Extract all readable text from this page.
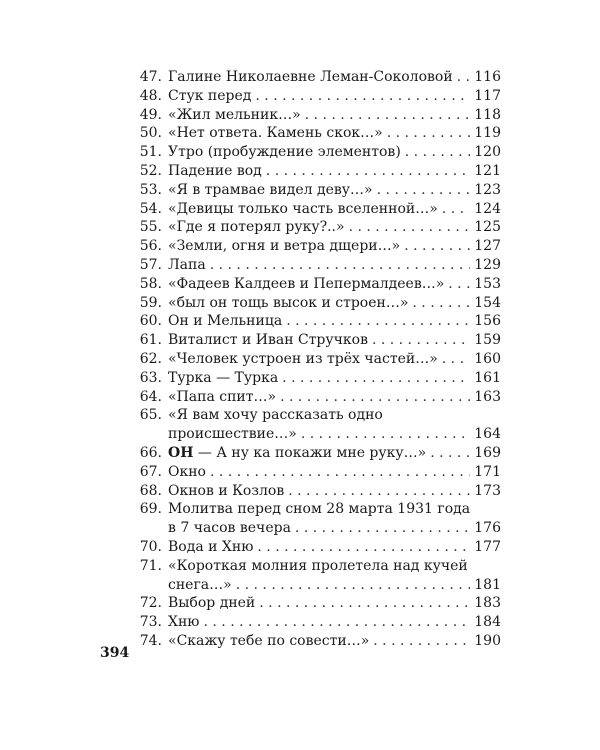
394
47. Галине Николаевне Леман-Соколовой . . . 116
48. Стук перед . . .	117
49. «Жил мельник…» . . .	118
50. «Нет ответа. Камень скок…» . . .	119
51. Утро (пробуждение элементов) . . .	120
52. Падение вод . . .	121
53. «Я в трамвае видел деву…» . . .	123
54. «Девицы только часть вселенной…» . . .	124
55. «Где я потерял руку?..» . . .	125
56. «Земли, огня и ветра дщери…» . . .	127
57. Лапа . . .	129
58. «Фадеев Калдеев и Пепермалдеев…» . . . 153
59. «был он тощь высок и строен…» . . .	154
60. Он и Мельница . . .	156
61. Виталист и Иван Стручков . . .	159
62. «Человек устроен из трёх частей…» . . .	160
63. Турка — Турка . . .	161
64. «Папа спит…» . . .	163
65. «Я вам хочу рассказать одно
происшествие…» . . .	164
66. ОН — А ну ка покажи мне руку…» . . .	169
67. Окно . . .	171
68. Окнов и Козлов . . .	173
69. Молитва перед сном 28 марта 1931 года
в 7 часов вечера . . .	176
70. Вода и Хню . . .	177
71. «Короткая молния пролетела над кучей
снега…» . . .	181
72. Выбор дней . . .	183
73. Хню . . .	184
74. «Скажу тебе по совести…» . . .	190
